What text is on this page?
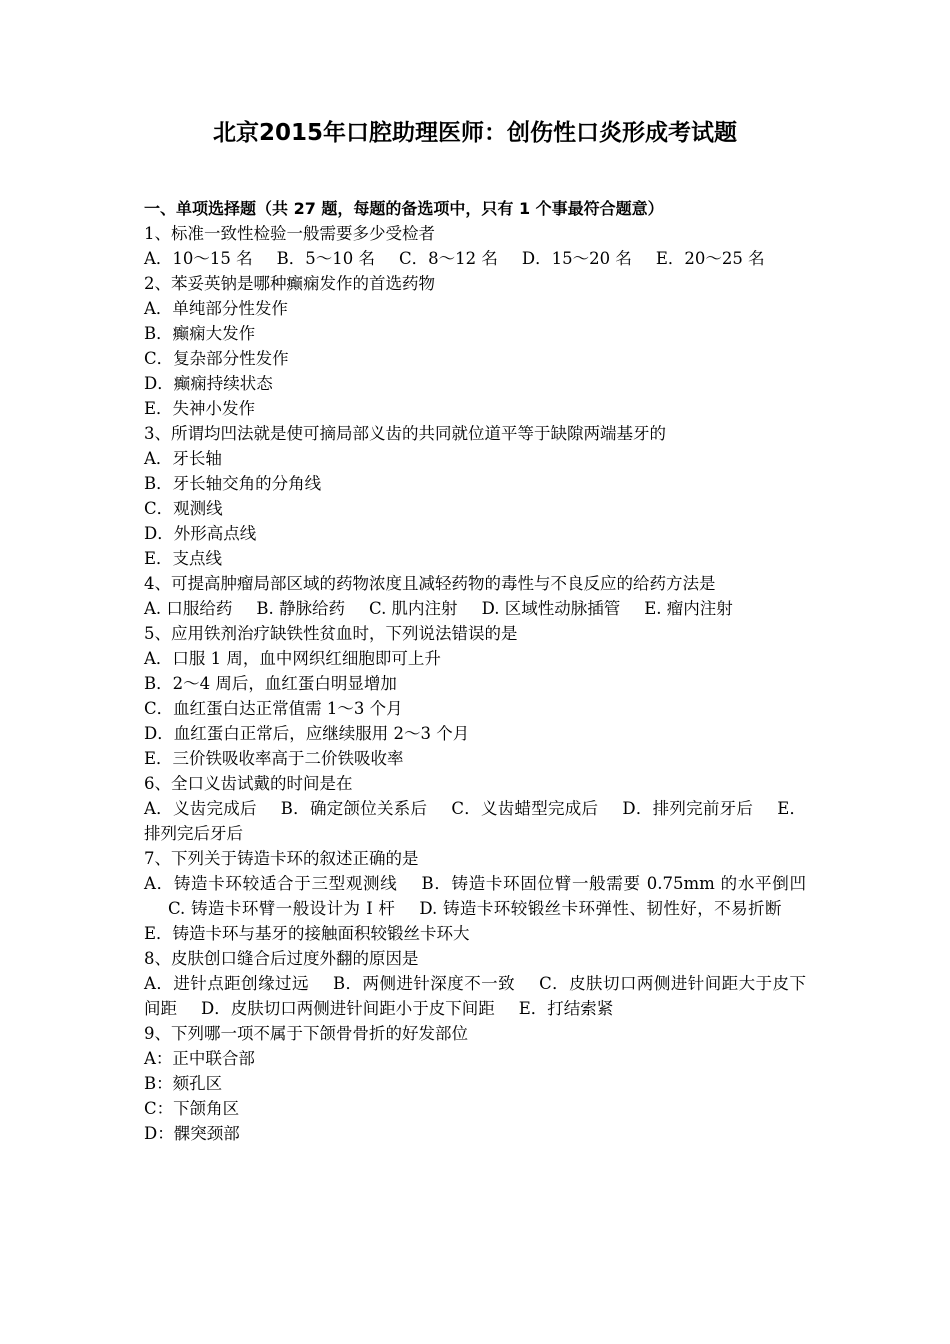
北京2015年口腔助理医师：创伤性口炎形成考试题
一、单项选择题（共 27 题，每题的备选项中，只有 1 个事最符合题意）
1、标准一致性检验一般需要多少受检者
A．10～15 名 B．5～10 名 C．8～12 名 D．15～20 名 E．20～25 名
2、苯妥英钠是哪种癫痫发作的首选药物
A．单纯部分性发作
B．癫痫大发作
C．复杂部分性发作
D．癫痫持续状态
E．失神小发作
3、所谓均凹法就是使可摘局部义齿的共同就位道平等于缺隙两端基牙的
A．牙长轴
B．牙长轴交角的分角线
C．观测线
D．外形高点线
E．支点线
4、可提高肿瘤局部区域的药物浓度且减轻药物的毒性与不良反应的给药方法是
A. 口服给药 B. 静脉给药 C. 肌内注射 D. 区域性动脉插管 E. 瘤内注射
5、应用铁剂治疗缺铁性贫血时，下列说法错误的是
A．口服 1 周，血中网织红细胞即可上升
B．2～4 周后，血红蛋白明显增加
C．血红蛋白达正常值需 1～3 个月
D．血红蛋白正常后，应继续服用 2～3 个月
E．三价铁吸收率高于二价铁吸收率
6、全口义齿试戴的时间是在
A．义齿完成后 B．确定颌位关系后 C．义齿蜡型完成后 D．排列完前牙后 E．排列完后牙后
7、下列关于铸造卡环的叙述正确的是
A．铸造卡环较适合于三型观测线 B．铸造卡环固位臂一般需要 0.75mm 的水平倒凹C. 铸造卡环臂一般设计为 I 杆 D. 铸造卡环较锻丝卡环弹性、韧性好，不易折断E．铸造卡环与基牙的接触面积较锻丝卡环大
8、皮肤创口缝合后过度外翻的原因是
A．进针点距创缘过远 B．两侧进针深度不一致 C．皮肤切口两侧进针间距大于皮下间距 D．皮肤切口两侧进针间距小于皮下间距 E．打结索紧
9、下列哪一项不属于下颌骨骨折的好发部位
A：正中联合部
B：颏孔区
C：下颌角区
D：髁突颈部
